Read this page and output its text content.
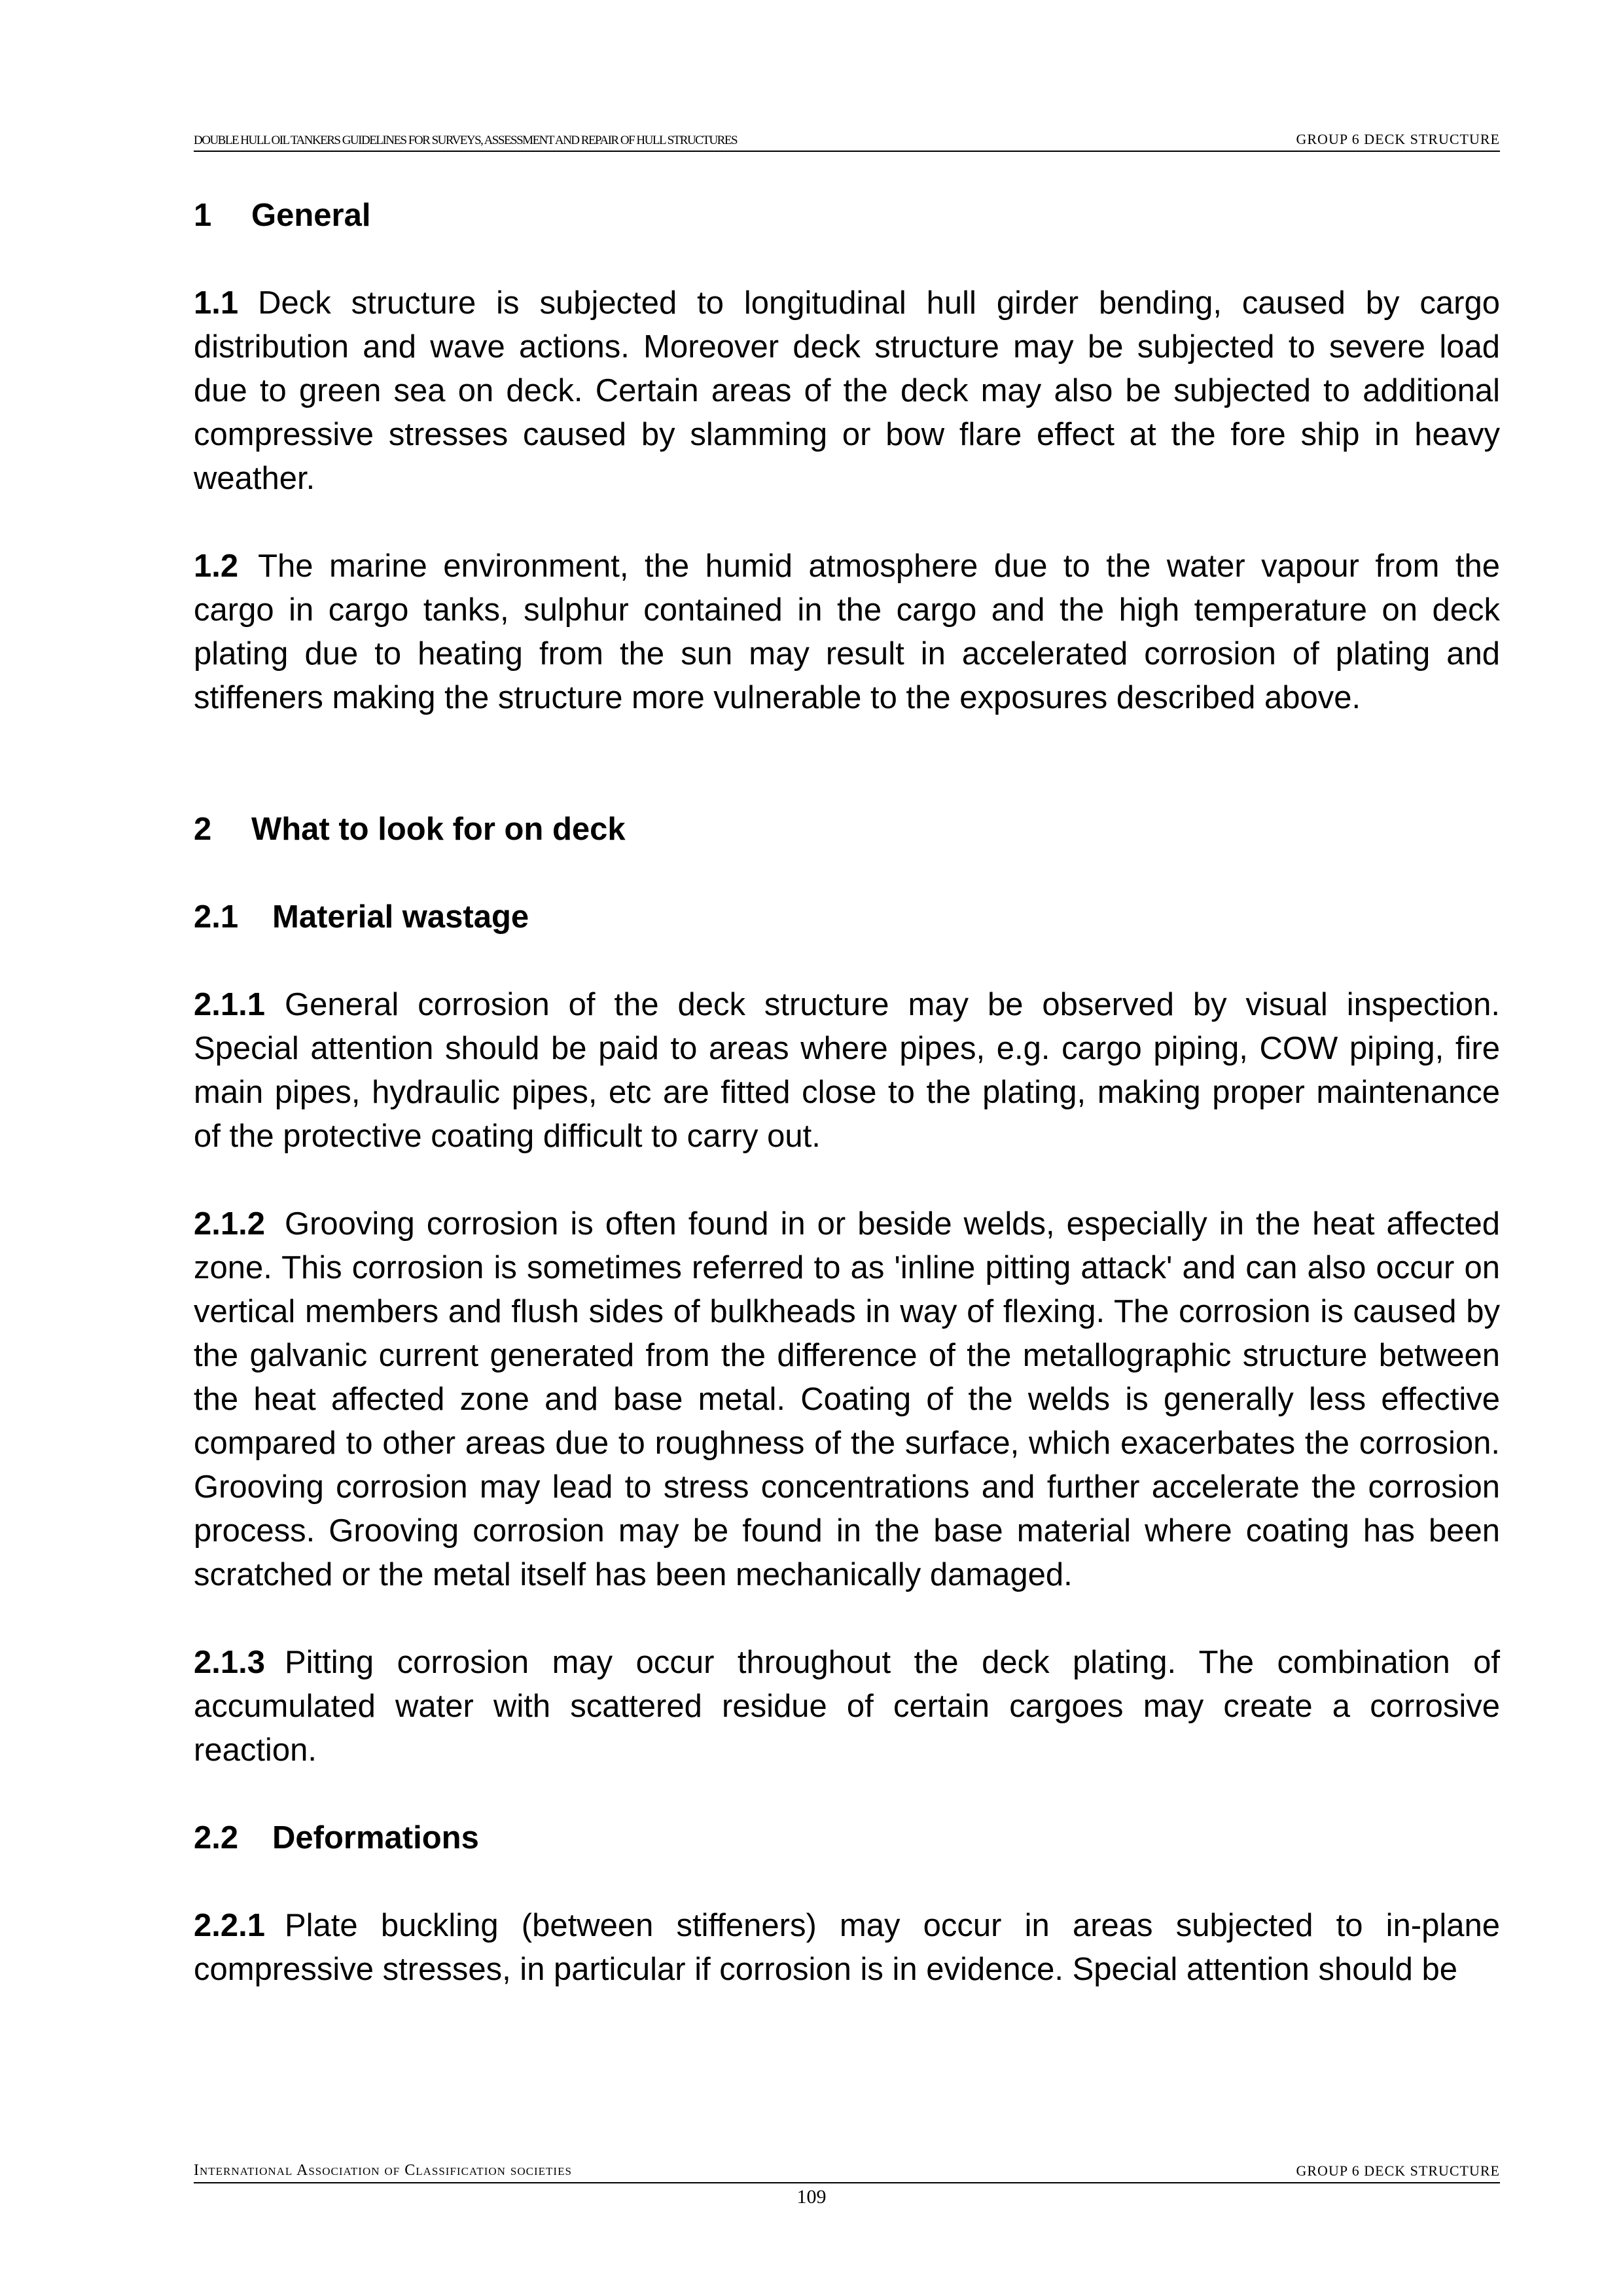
DOUBLE HULL OIL TANKERS GUIDELINES FOR SURVEYS, ASSESSMENT AND REPAIR OF HULL STRUCTURES	GROUP 6 DECK STRUCTURE
1 General

1.1 Deck structure is subjected to longitudinal hull girder bending, caused by cargo distribution and wave actions. Moreover deck structure may be subjected to severe load due to green sea on deck. Certain areas of the deck may also be subjected to additional compressive stresses caused by slamming or bow flare effect at the fore ship in heavy weather.

1.2 The marine environment, the humid atmosphere due to the water vapour from the cargo in cargo tanks, sulphur contained in the cargo and the high temperature on deck plating due to heating from the sun may result in accelerated corrosion of plating and stiffeners making the structure more vulnerable to the exposures described above.

2 What to look for on deck
2.1 Material wastage

2.1.1 General corrosion of the deck structure may be observed by visual inspection. Special attention should be paid to areas where pipes, e.g. cargo piping, COW piping, fire main pipes, hydraulic pipes, etc are fitted close to the plating, making proper maintenance of the protective coating difficult to carry out.

2.1.2 Grooving corrosion is often found in or beside welds, especially in the heat affected zone. This corrosion is sometimes referred to as 'inline pitting attack' and can also occur on vertical members and flush sides of bulkheads in way of flexing. The corrosion is caused by the galvanic current generated from the difference of the metallographic structure between the heat affected zone and base metal. Coating of the welds is generally less effective compared to other areas due to roughness of the surface, which exacerbates the corrosion. Grooving corrosion may lead to stress concentrations and further accelerate the corrosion process. Grooving corrosion may be found in the base material where coating has been scratched or the metal itself has been mechanically damaged.

2.1.3 Pitting corrosion may occur throughout the deck plating. The combination of accumulated water with scattered residue of certain cargoes may create a corrosive reaction.

2.2 Deformations

2.2.1 Plate buckling (between stiffeners) may occur in areas subjected to in-plane compressive stresses, in particular if corrosion is in evidence. Special attention should be

International Association of Classification societies	GROUP 6 DECK STRUCTURE
109
